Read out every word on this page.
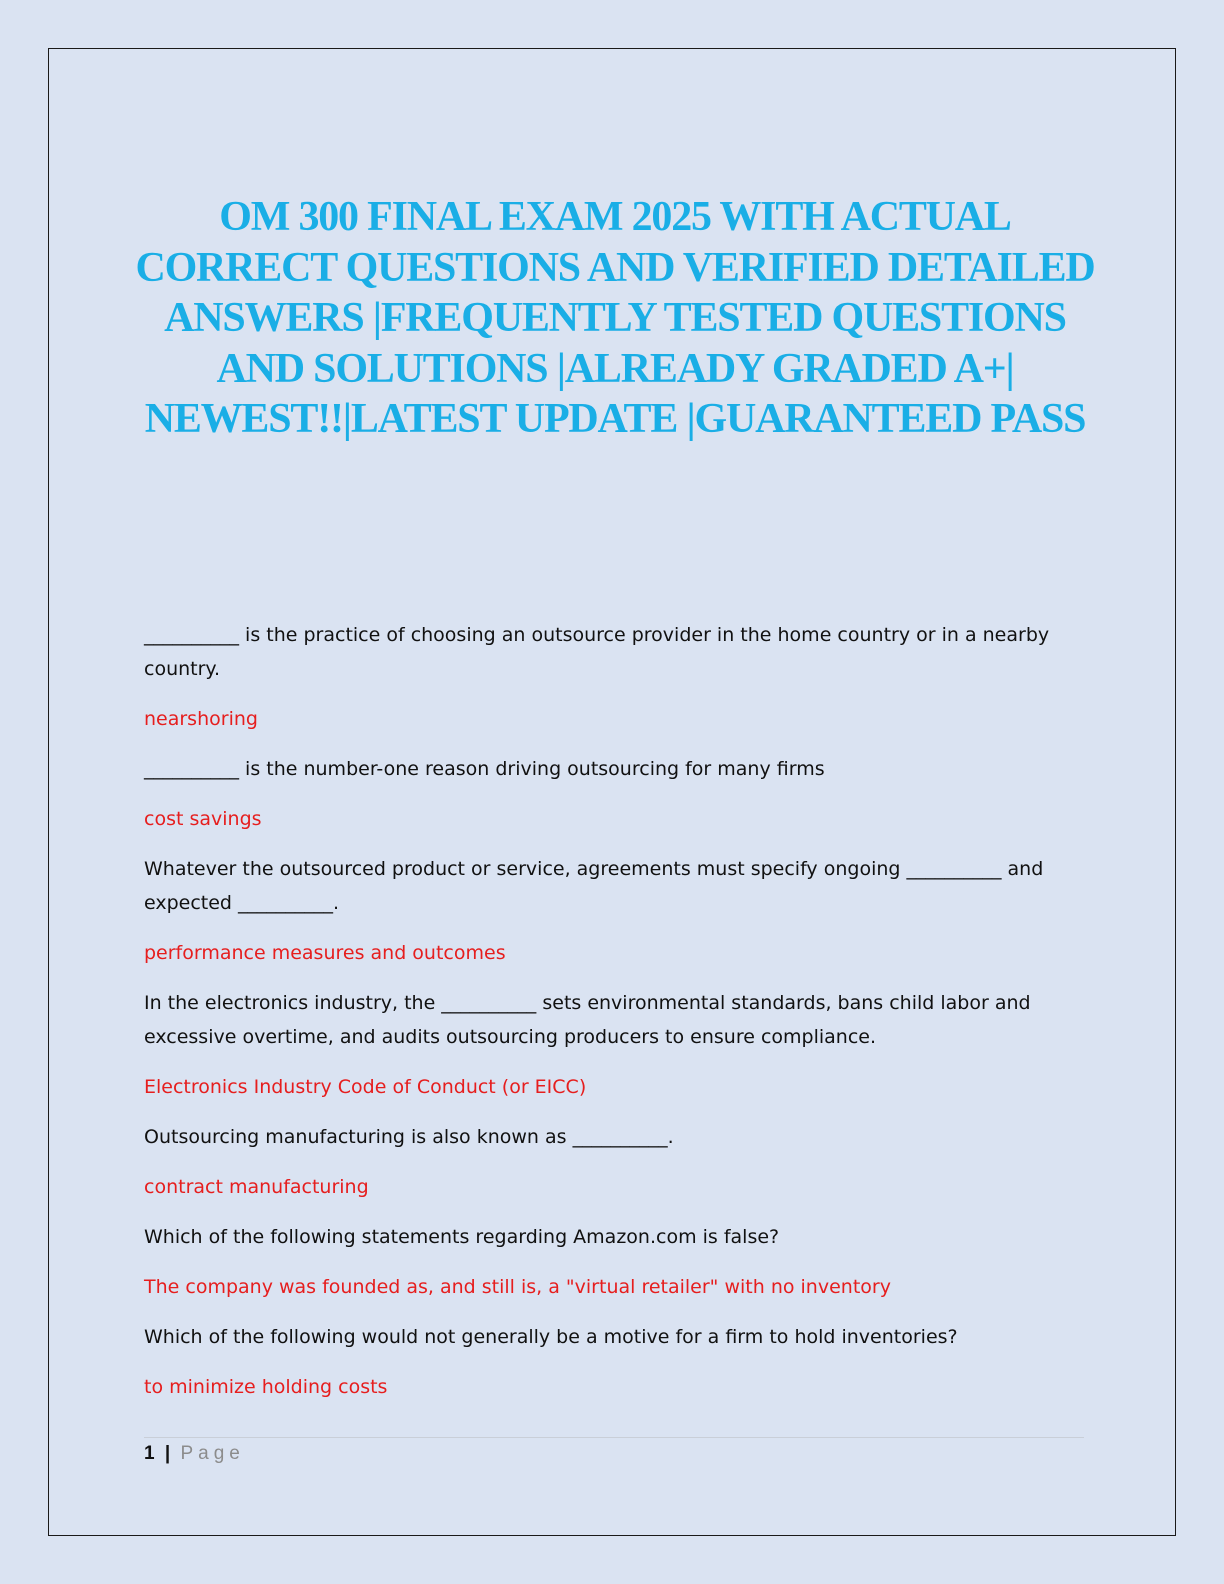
OM 300 FINAL EXAM 2025 WITH ACTUAL CORRECT QUESTIONS AND VERIFIED DETAILED ANSWERS |FREQUENTLY TESTED QUESTIONS AND SOLUTIONS |ALREADY GRADED A+| NEWEST!!|LATEST UPDATE |GUARANTEED PASS

__________ is the practice of choosing an outsource provider in the home country or in a nearby country.

nearshoring

__________ is the number-one reason driving outsourcing for many firms

cost savings

Whatever the outsourced product or service, agreements must specify ongoing __________ and expected __________.

performance measures and outcomes

In the electronics industry, the __________ sets environmental standards, bans child labor and excessive overtime, and audits outsourcing producers to ensure compliance.

Electronics Industry Code of Conduct (or EICC)

Outsourcing manufacturing is also known as __________.

contract manufacturing

Which of the following statements regarding Amazon.com is false?

The company was founded as, and still is, a "virtual retailer" with no inventory

Which of the following would not generally be a motive for a firm to hold inventories?

to minimize holding costs

1 | Page
